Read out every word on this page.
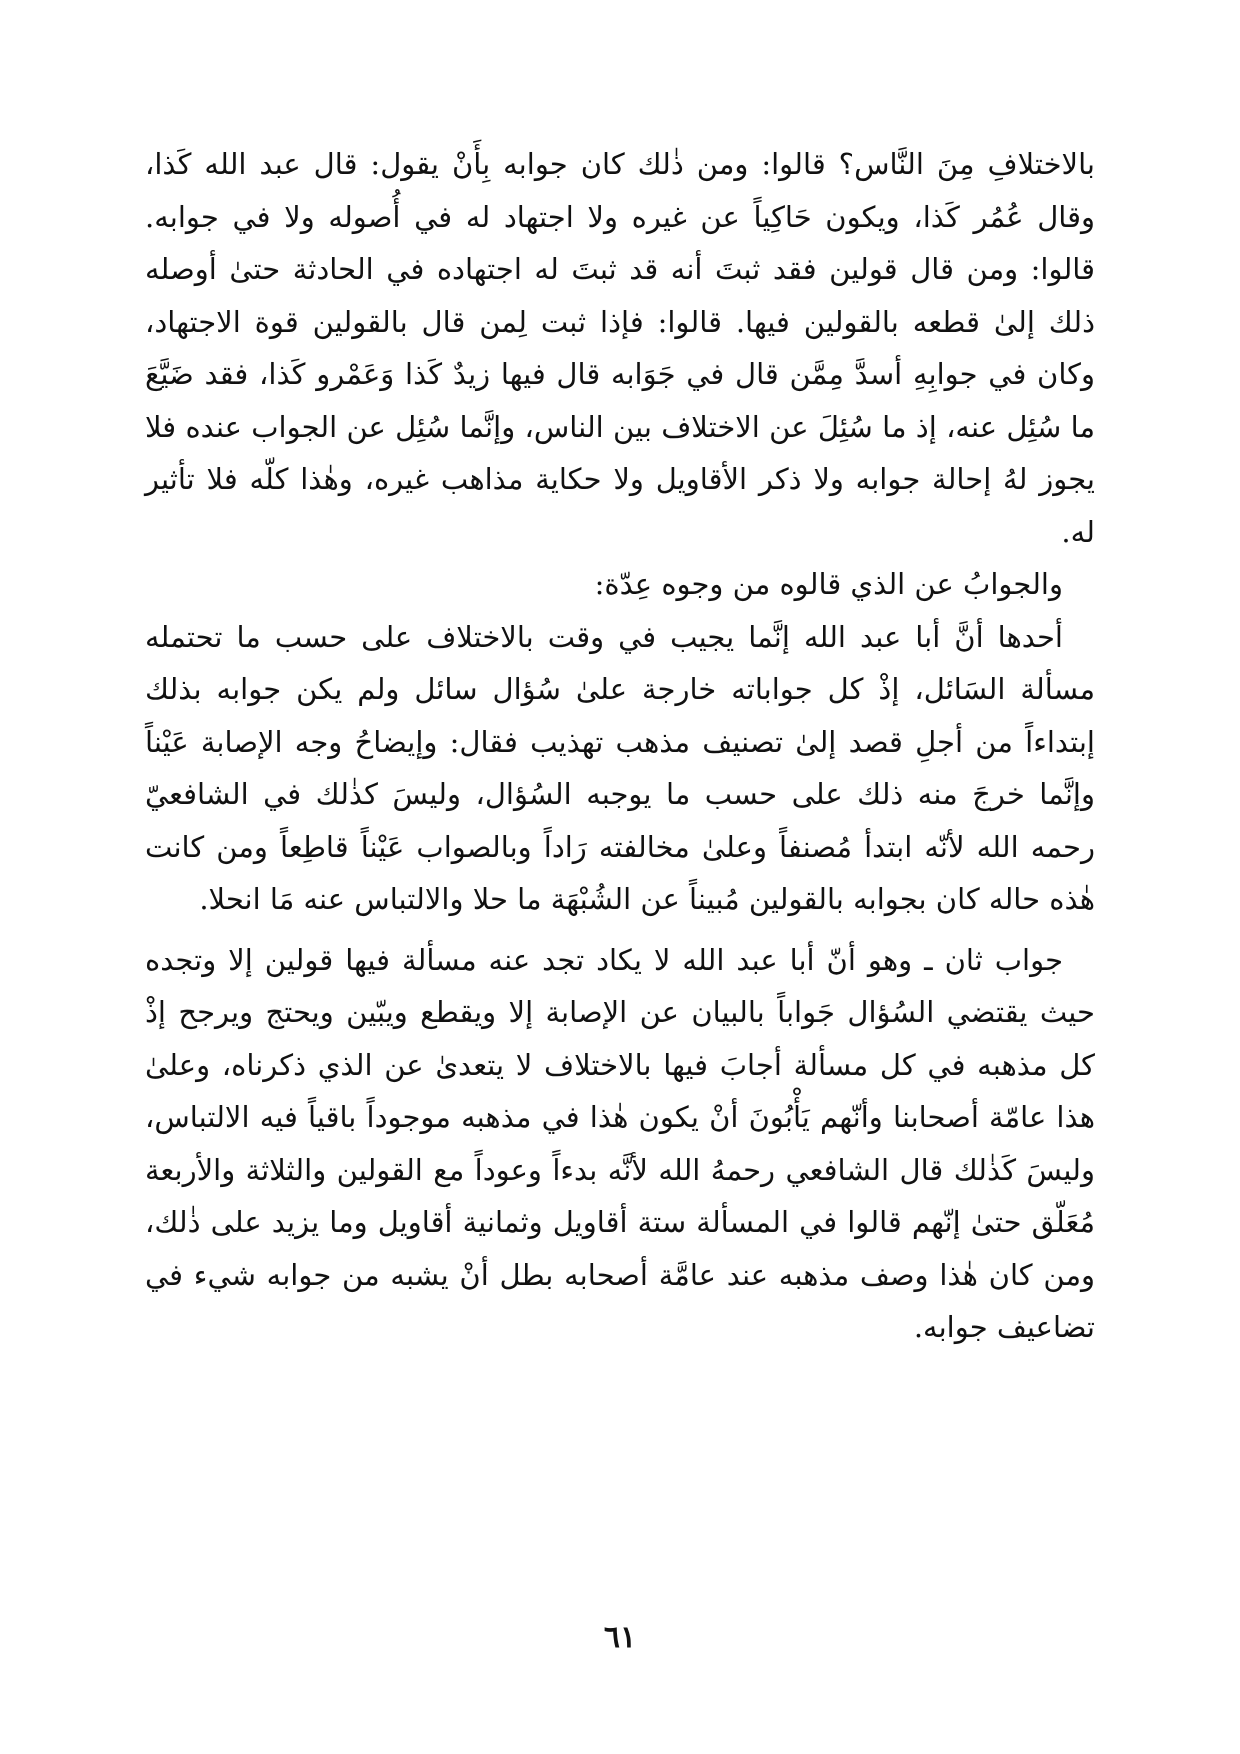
بالاختلافِ مِنَ النَّاس؟ قالوا: ومن ذٰلك كان جوابه بِأَنْ يقول: قال عبد الله كَذا، وقال عُمُر كَذا، ويكون حَاكِياً عن غيره ولا اجتهاد له في أُصوله ولا في جوابه. قالوا: ومن قال قولين فقد ثبتَ أنه قد ثبتَ له اجتهاده في الحادثة حتىٰ أوصله ذلك إلىٰ قطعه بالقولين فيها. قالوا: فإذا ثبت لِمن قال بالقولين قوة الاجتهاد، وكان في جوابِهِ أسدَّ مِمَّن قال في جَوَابه قال فيها زيدٌ كَذا وَعَمْرو كَذا، فقد ضَيَّعَ ما سُئِل عنه، إذ ما سُئِلَ عن الاختلاف بين الناس، وإنَّما سُئِل عن الجواب عنده فلا يجوز لهُ إحالة جوابه ولا ذكر الأقاويل ولا حكاية مذاهب غيره، وهٰذا كلّه فلا تأثير له.

والجوابُ عن الذي قالوه من وجوه عِدّة:

أحدها أنَّ أبا عبد الله إنَّما يجيب في وقت بالاختلاف على حسب ما تحتمله مسألة السَائل، إذْ كل جواباته خارجة علىٰ سُؤال سائل ولم يكن جوابه بذلك إبتداءاً من أجلِ قصد إلىٰ تصنيف مذهب تهذيب فقال: وإيضاحُ وجه الإصابة عَيْناً وإنَّما خرجَ منه ذلك على حسب ما يوجبه السُؤال، وليسَ كذٰلك في الشافعيّ رحمه الله لأنّه ابتدأ مُصنفاً وعلىٰ مخالفته رَاداً وبالصواب عَيْناً قاطِعاً ومن كانت هٰذه حاله كان بجوابه بالقولين مُبيناً عن الشُبْهَة ما حلا والالتباس عنه مَا انحلا.

جواب ثان ـ وهو أنّ أبا عبد الله لا يكاد تجد عنه مسألة فيها قولين إلا وتجده حيث يقتضي السُؤال جَواباً بالبيان عن الإصابة إلا ويقطع ويبّين ويحتج ويرجح إذْ كل مذهبه في كل مسألة أجابَ فيها بالاختلاف لا يتعدىٰ عن الذي ذكرناه، وعلىٰ هذا عامّة أصحابنا وأنّهم يَأْبُونَ أنْ يكون هٰذا في مذهبه موجوداً باقياً فيه الالتباس، وليسَ كَذٰلك قال الشافعي رحمهُ الله لأنَّه بدءاً وعوداً مع القولين والثلاثة والأربعة مُعَلّق حتىٰ إنّهم قالوا في المسألة ستة أقاويل وثمانية أقاويل وما يزيد على ذٰلك، ومن كان هٰذا وصف مذهبه عند عامَّة أصحابه بطل أنْ يشبه من جوابه شيء في تضاعيف جوابه.

٦١
